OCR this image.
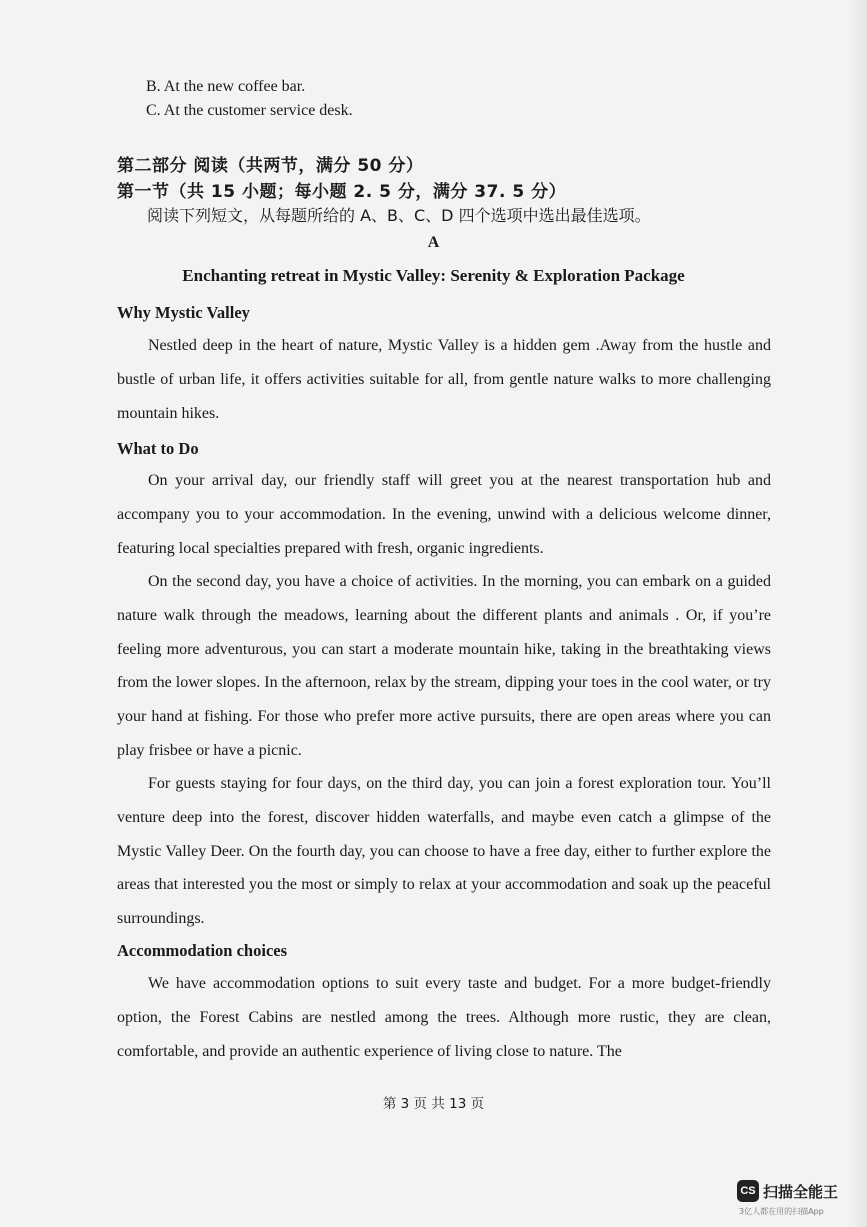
B. At the new coffee bar.
C. At the customer service desk.
第二部分 阅读（共两节，满分 50 分）
第一节（共 15 小题；每小题 2. 5 分，满分 37. 5 分）
阅读下列短文，从每题所给的 A、B、C、D 四个选项中选出最佳选项。
A
Enchanting retreat in Mystic Valley: Serenity & Exploration Package
Why Mystic Valley

Nestled deep in the heart of nature, Mystic Valley is a hidden gem .Away from the hustle and bustle of urban life, it offers activities suitable for all, from gentle nature walks to more challenging mountain hikes.

What to Do

On your arrival day, our friendly staff will greet you at the nearest transportation hub and accompany you to your accommodation. In the evening, unwind with a delicious welcome dinner, featuring local specialties prepared with fresh, organic ingredients.

On the second day, you have a choice of activities. In the morning, you can embark on a guided nature walk through the meadows, learning about the different plants and animals . Or, if you’re feeling more adventurous, you can start a moderate mountain hike, taking in the breathtaking views from the lower slopes. In the afternoon, relax by the stream, dipping your toes in the cool water, or try your hand at fishing. For those who prefer more active pursuits, there are open areas where you can play frisbee or have a picnic.

For guests staying for four days, on the third day, you can join a forest exploration tour. You’ll venture deep into the forest, discover hidden waterfalls, and maybe even catch a glimpse of the Mystic Valley Deer. On the fourth day, you can choose to have a free day, either to further explore the areas that interested you the most or simply to relax at your accommodation and soak up the peaceful surroundings.

Accommodation choices

We have accommodation options to suit every taste and budget. For a more budget-friendly option, the Forest Cabins are nestled among the trees. Although more rustic, they are clean, comfortable, and provide an authentic experience of living close to nature. The

第 3 页 共 13 页
CS 扫描全能王
3亿人都在用的扫描App
